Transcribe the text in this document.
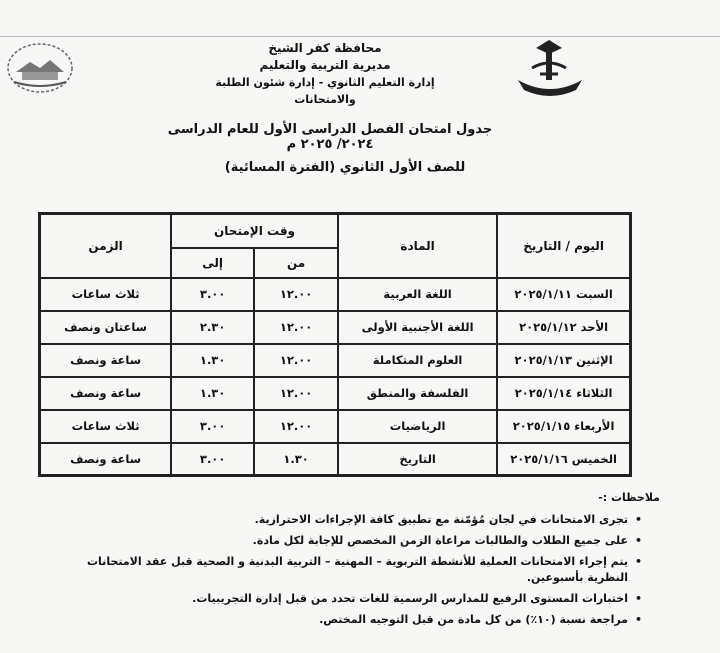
محافظة كفر الشيخ
مديرية التربية والتعليم
إدارة التعليم الثانوي - إدارة شئون الطلبة والامتحانات
جدول امتحان الفصل الدراسى الأول للعام الدراسى ٢٠٢٤/ ٢٠٢٥ م
للصف الأول الثانوي (الفترة المسائية)
اليوم / التاريخ	المادة	وقت الإمتحان		الزمن
		من	إلى	
السبت ٢٠٢٥/١/١١	اللغة العربية	١٢.٠٠	٣.٠٠	ثلاث ساعات
الأحد ٢٠٢٥/١/١٢	اللغة الأجنبية الأولى	١٢.٠٠	٢.٣٠	ساعتان ونصف
الإثنين ٢٠٢٥/١/١٣	العلوم المتكاملة	١٢.٠٠	١.٣٠	ساعة ونصف
الثلاثاء ٢٠٢٥/١/١٤	الفلسفة والمنطق	١٢.٠٠	١.٣٠	ساعة ونصف
الأربعاء ٢٠٢٥/١/١٥	الرياضيات	١٢.٠٠	٣.٠٠	ثلاث ساعات
الخميس ٢٠٢٥/١/١٦	التاريخ	١.٣٠	٣.٠٠	ساعة ونصف
ملاحظات :-
• تجرى الامتحانات في لجان مُؤمّنة مع تطبيق كافة الإجراءات الاحترازية.
• على جميع الطلاب والطالبات مراعاة الزمن المخصص للإجابة لكل مادة.
• يتم إجراء الامتحانات العملية للأنشطة التربوية – المهنية – التربية البدنية و الصحية قبل عقد الامتحانات النظرية بأسبوعين.
• اختبارات المستوى الرفيع للمدارس الرسمية للغات تحدد من قبل إدارة التجريبيات.
• مراجعة نسبة (١٠٪) من كل مادة من قبل التوجيه المختص.
